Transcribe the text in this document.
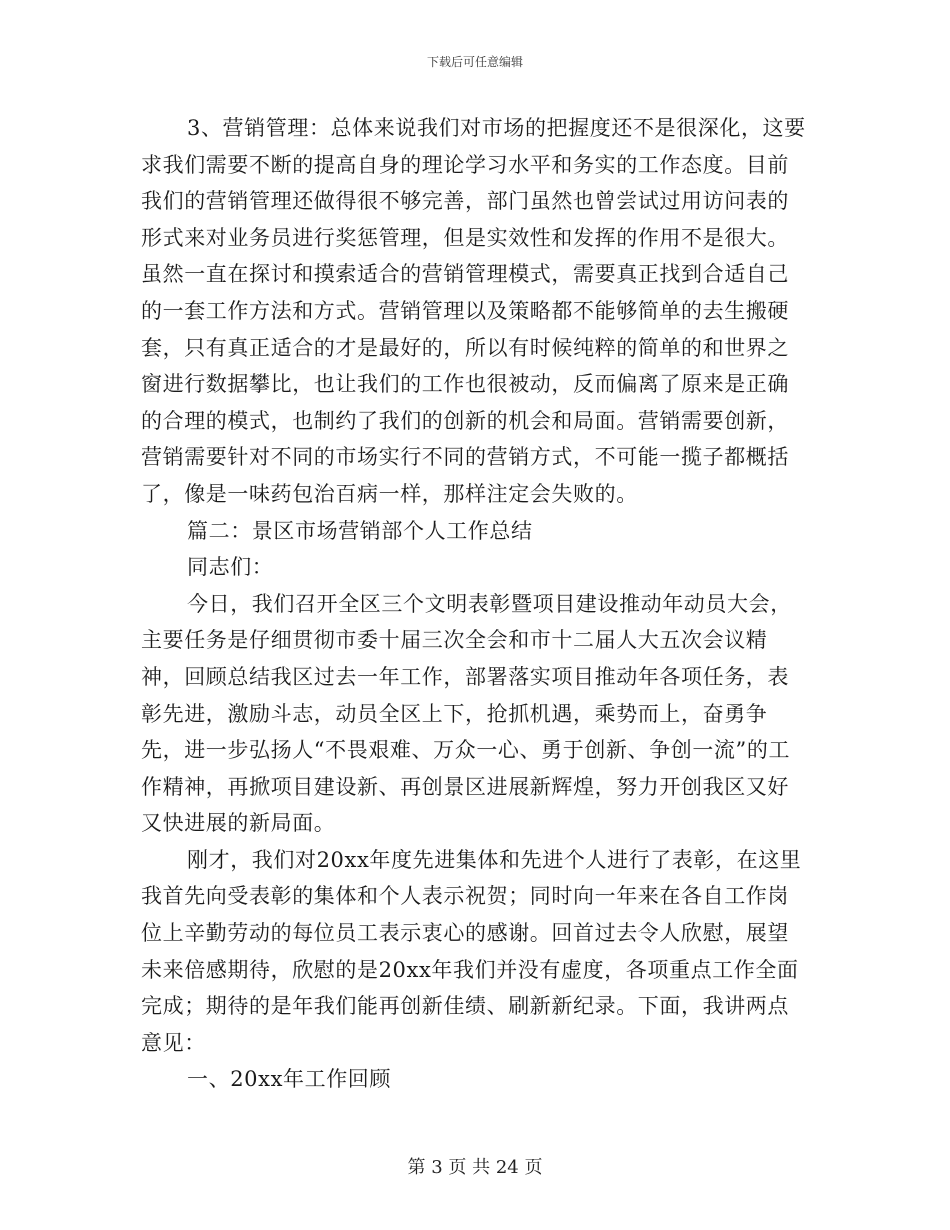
下载后可任意编辑

3、营销管理：总体来说我们对市场的把握度还不是很深化，这要求我们需要不断的提高自身的理论学习水平和务实的工作态度。目前我们的营销管理还做得很不够完善，部门虽然也曾尝试过用访问表的形式来对业务员进行奖惩管理，但是实效性和发挥的作用不是很大。虽然一直在探讨和摸索适合的营销管理模式，需要真正找到合适自己的一套工作方法和方式。营销管理以及策略都不能够简单的去生搬硬套，只有真正适合的才是最好的，所以有时候纯粹的简单的和世界之窗进行数据攀比，也让我们的工作也很被动，反而偏离了原来是正确的合理的模式，也制约了我们的创新的机会和局面。营销需要创新，营销需要针对不同的市场实行不同的营销方式，不可能一揽子都概括了，像是一味药包治百病一样，那样注定会失败的。

篇二：景区市场营销部个人工作总结

同志们：

今日，我们召开全区三个文明表彰暨项目建设推动年动员大会，主要任务是仔细贯彻市委十届三次全会和市十二届人大五次会议精神，回顾总结我区过去一年工作，部署落实项目推动年各项任务，表彰先进，激励斗志，动员全区上下，抢抓机遇，乘势而上，奋勇争先，进一步弘扬人“不畏艰难、万众一心、勇于创新、争创一流”的工作精神，再掀项目建设新、再创景区进展新辉煌，努力开创我区又好又快进展的新局面。

刚才，我们对20xx年度先进集体和先进个人进行了表彰，在这里我首先向受表彰的集体和个人表示祝贺；同时向一年来在各自工作岗位上辛勤劳动的每位员工表示衷心的感谢。回首过去令人欣慰，展望未来倍感期待，欣慰的是20xx年我们并没有虚度，各项重点工作全面完成；期待的是年我们能再创新佳绩、刷新新纪录。下面，我讲两点意见：

一、20xx年工作回顾

第 3 页 共 24 页
